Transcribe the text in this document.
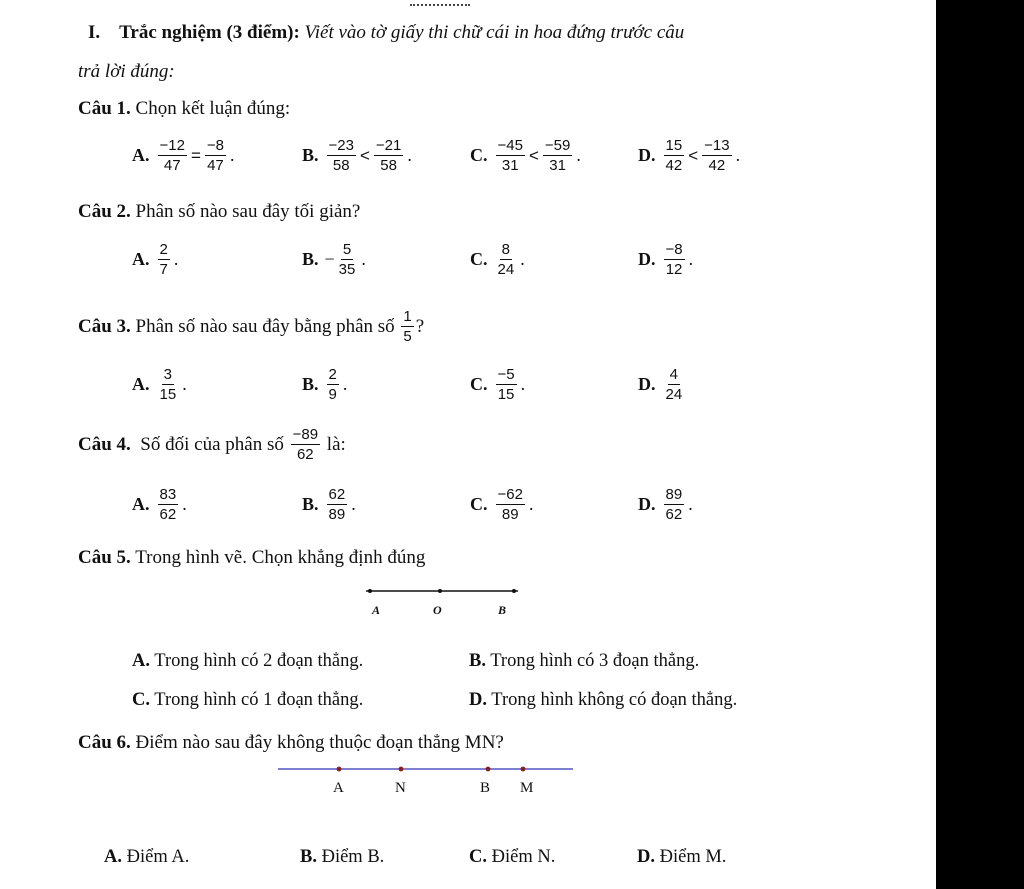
I. Trắc nghiệm (3 điểm): Viết vào tờ giấy thi chữ cái in hoa đứng trước câu
trả lời đúng:
Câu 1. Chọn kết luận đúng:
A. $\frac{-12}{47} = \frac{-8}{47}$ .	B. $\frac{-23}{58} < \frac{-21}{58}$ .	C. $\frac{-45}{31} < \frac{-59}{31}$ .	D. $\frac{15}{42} < \frac{-13}{42}$ .
Câu 2. Phân số nào sau đây tối giản?
A. $\frac{2}{7}$ .	B. − $\frac{5}{35}$ .	C. $\frac{8}{24}$ .	D. $\frac{-8}{12}$ .
Câu 3.
Phân số nào sau đây bằng phân số
$\frac{1}{5}$ ?
A. $\frac{3}{15}$ .	B. $\frac{2}{9}$ .	C. $\frac{-5}{15}$ .	D. $\frac{4}{24}$
Câu 4.
Số đối của phân số
$\frac{-89}{62}$
là:
A. $\frac{83}{62}$ .	B. $\frac{62}{89}$ .	C. $\frac{-62}{89}$ .	D. $\frac{89}{62}$ .
Câu 5. Trong hình vẽ. Chọn khẳng định đúng
A	O	B
A. Trong hình có 2 đoạn thẳng.	B. Trong hình có 3 đoạn thẳng.
C. Trong hình có 1 đoạn thẳng.	D. Trong hình không có đoạn thẳng.
Câu 6. Điểm nào sau đây không thuộc đoạn thẳng MN?
A	N	B M
A. Điểm A.	B. Điểm B.	C. Điểm N.	D. Điểm M.
